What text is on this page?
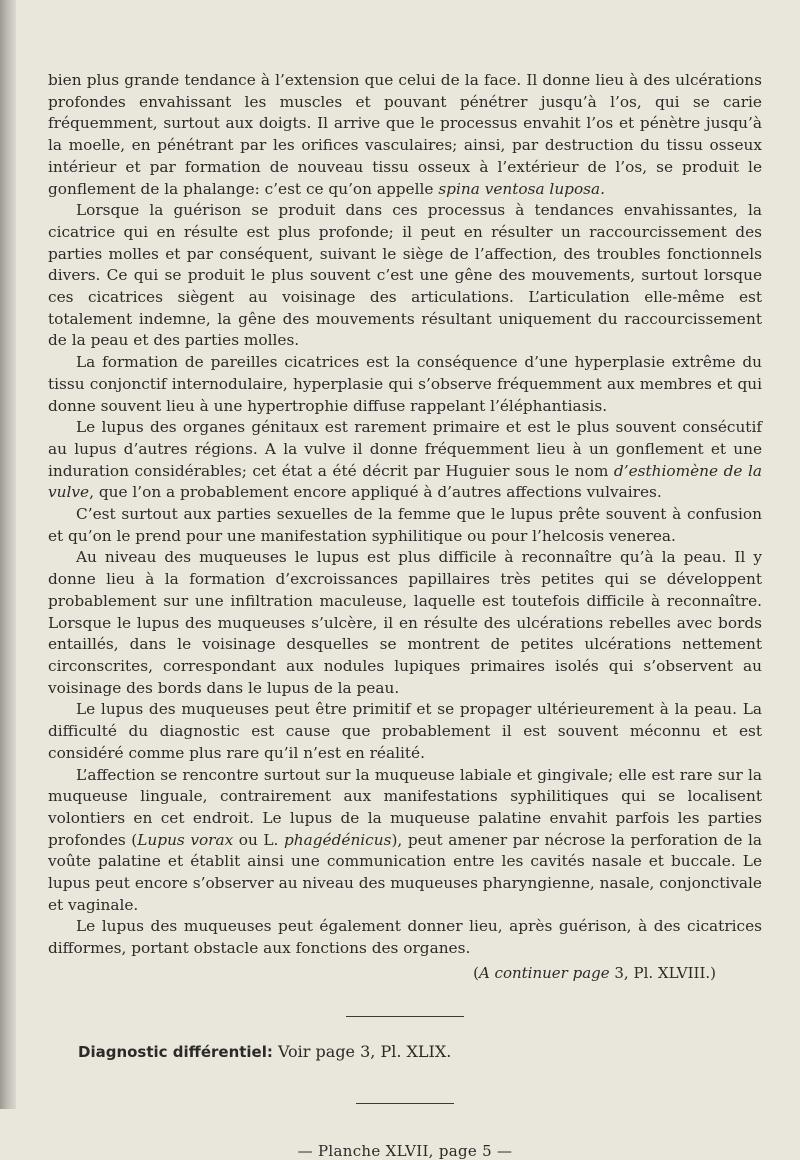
bien plus grande tendance à l’extension que celui de la face. Il donne lieu à des ulcérations profondes envahissant les muscles et pouvant pénétrer jusqu’à l’os, qui se carie fréquemment, surtout aux doigts. Il arrive que le processus envahit l’os et pénètre jusqu’à la moelle, en pénétrant par les orifices vasculaires; ainsi, par destruction du tissu osseux intérieur et par formation de nouveau tissu osseux à l’extérieur de l’os, se produit le gonflement de la phalange: c’est ce qu’on appelle spina ventosa luposa.

Lorsque la guérison se produit dans ces processus à tendances envahissantes, la cicatrice qui en résulte est plus profonde; il peut en résulter un raccourcissement des parties molles et par conséquent, suivant le siège de l’affection, des troubles fonctionnels divers. Ce qui se produit le plus souvent c’est une gêne des mouvements, surtout lorsque ces cicatrices siègent au voisinage des articulations. L’articulation elle-même est totalement indemne, la gêne des mouvements résultant uniquement du raccourcissement de la peau et des parties molles.

La formation de pareilles cicatrices est la conséquence d’une hyperplasie extrême du tissu conjonctif internodulaire, hyperplasie qui s’observe fréquemment aux membres et qui donne souvent lieu à une hypertrophie diffuse rappelant l’éléphantiasis.

Le lupus des organes génitaux est rarement primaire et est le plus souvent consécutif au lupus d’autres régions. A la vulve il donne fréquemment lieu à un gonflement et une induration considérables; cet état a été décrit par Huguier sous le nom d’esthiomène de la vulve, que l’on a probablement encore appliqué à d’autres affections vulvaires.

C’est surtout aux parties sexuelles de la femme que le lupus prête souvent à confusion et qu’on le prend pour une manifestation syphilitique ou pour l’helcosis venerea.

Au niveau des muqueuses le lupus est plus difficile à reconnaître qu’à la peau. Il y donne lieu à la formation d’excroissances papillaires très petites qui se développent probablement sur une infiltration maculeuse, laquelle est toutefois difficile à reconnaître. Lorsque le lupus des muqueuses s’ulcère, il en résulte des ulcérations rebelles avec bords entaillés, dans le voisinage desquelles se montrent de petites ulcérations nettement circonscrites, correspondant aux nodules lupiques primaires isolés qui s’observent au voisinage des bords dans le lupus de la peau.

Le lupus des muqueuses peut être primitif et se propager ultérieurement à la peau. La difficulté du diagnostic est cause que probablement il est souvent méconnu et est considéré comme plus rare qu’il n’est en réalité.

L’affection se rencontre surtout sur la muqueuse labiale et gingivale; elle est rare sur la muqueuse linguale, contrairement aux manifestations syphilitiques qui se localisent volontiers en cet endroit. Le lupus de la muqueuse palatine envahit parfois les parties profondes (Lupus vorax ou L. phagédénicus), peut amener par nécrose la perforation de la voûte palatine et établit ainsi une communication entre les cavités nasale et buccale. Le lupus peut encore s’observer au niveau des muqueuses pharyngienne, nasale, conjonctivale et vaginale.

Le lupus des muqueuses peut également donner lieu, après guérison, à des cicatrices difformes, portant obstacle aux fonctions des organes.

(A continuer page 3, Pl. XLVIII.)
Diagnostic différentiel: Voir page 3, Pl. XLIX.
— Planche XLVII, page 5 —
